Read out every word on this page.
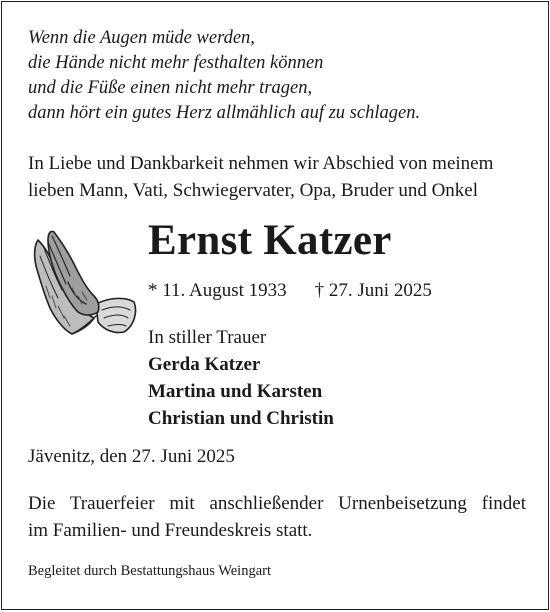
Wenn die Augen müde werden,
die Hände nicht mehr festhalten können
und die Füße einen nicht mehr tragen,
dann hört ein gutes Herz allmählich auf zu schlagen.
In Liebe und Dankbarkeit nehmen wir Abschied von meinem
lieben Mann, Vati, Schwiegervater, Opa, Bruder und Onkel
Ernst Katzer
* 11. August 1933 † 27. Juni 2025
In stiller Trauer
Gerda Katzer
Martina und Karsten
Christian und Christin
Jävenitz, den 27. Juni 2025
Die Trauerfeier mit anschließender Urnenbeisetzung findet
im Familien- und Freundeskreis statt.
Begleitet durch Bestattungshaus Weingart
